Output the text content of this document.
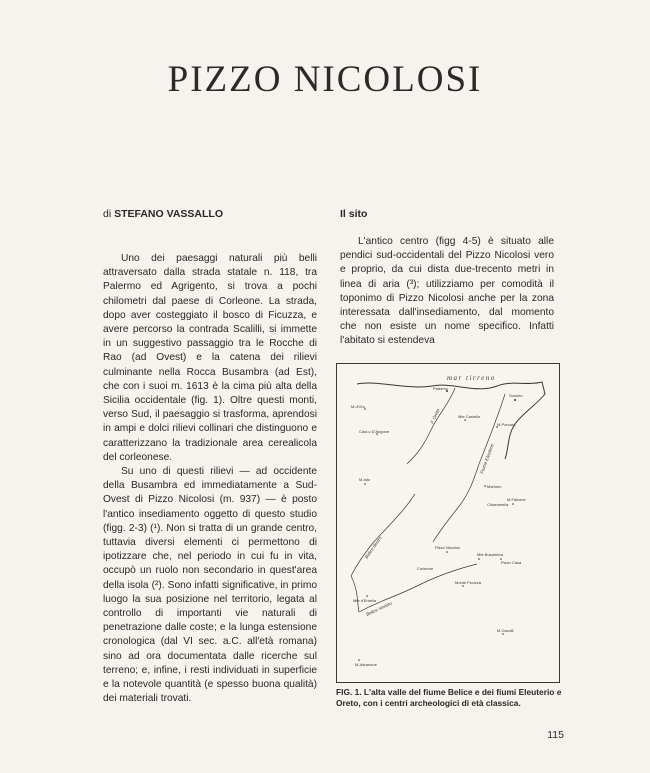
PIZZO NICOLOSI

di STEFANO VASSALLO	Il sito

Uno dei paesaggi naturali più belli attraversato dalla strada statale n. 118, tra Palermo ed Agrigento, si trova a pochi chilometri dal paese di Corleone. La strada, dopo aver costeggiato il bosco di Ficuzza, e avere percorso la contrada Scalilli, si immette in un suggestivo passaggio tra le Rocche di Rao (ad Ovest) e la catena dei rilievi culminante nella Rocca Busambra (ad Est), che con i suoi m. 1613 è la cima più alta della Sicilia occidentale (fig. 1). Oltre questi monti, verso Sud, il paesaggio si trasforma, aprendosi in ampi e dolci rilievi collinari che distinguono e caratterizzano la tradizionale area cerealicola del corleonese.

Su uno di questi rilievi — ad occidente della Busambra ed immediatamente a Sud-Ovest di Pizzo Nicolosi (m. 937) — è posto l'antico insediamento oggetto di questo studio (figg. 2-3) (¹). Non si tratta di un grande centro, tuttavia diversi elementi ci permettono di ipotizzare che, nel periodo in cui fu in vita, occupò un ruolo non secondario in quest'area della isola (²). Sono infatti significative, in primo luogo la sua posizione nel territorio, legata al controllo di importanti vie naturali di penetrazione dalle coste; e la lunga estensione cronologica (dal VI sec. a.C. all'età romana) sino ad ora documentata dalle ricerche sul terreno; e, infine, i resti individuati in superficie e la notevole quantità (e spesso buona qualità) dei materiali trovati.

L'antico centro (figg 4-5) è situato alle pendici sud-occidentali del Pizzo Nicolosi vero e proprio, da cui dista due-trecento metri in linea di aria (³); utilizziamo per comodità il toponimo di Pizzo Nicolosi anche per la zona interessata dall'insediamento, dal momento che non esiste un nome specifico. Infatti l'abitato si estendeva

mar tirreno
Palermo
Solunto
M.d'Oro
Mte Castello
M.Porcara
Cast.o D'Angone
M.Iato
Marineo
M.Falcone
Chiaramelia
Pizzo Nicolosi
Mte Busambra
Pizzo Casa
Monte Ficuzza
M.Adranone
Mte d'Entella
M.Cavalli
Corleone
F. Oreto
Fiume Eleuterio
Belice destro
Belice sinistro

FIG. 1. L'alta valle del fiume Belice e dei fiumi Eleuterio e Oreto, con i centri archeologici di età classica.

115
